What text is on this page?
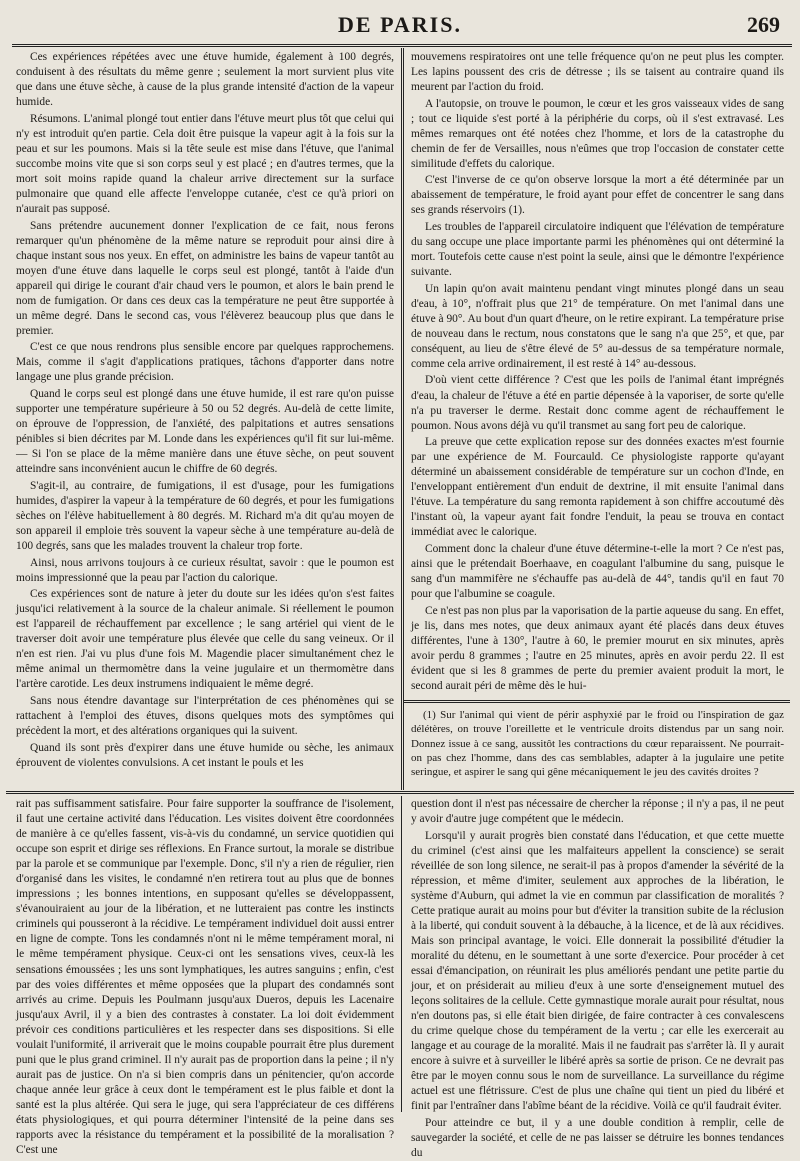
DE PARIS.	269

Ces expériences répétées avec une étuve humide, également à 100 degrés, conduisent à des résultats du même genre ; seulement la mort survient plus vite que dans une étuve sèche, à cause de la plus grande intensité d'action de la vapeur humide.

Résumons. L'animal plongé tout entier dans l'étuve meurt plus tôt que celui qui n'y est introduit qu'en partie. Cela doit être puisque la vapeur agit à la fois sur la peau et sur les poumons. Mais si la tête seule est mise dans l'étuve, que l'animal succombe moins vite que si son corps seul y est placé ; en d'autres termes, que la mort soit moins rapide quand la chaleur arrive directement sur la surface pulmonaire que quand elle affecte l'enveloppe cutanée, c'est ce qu'à priori on n'aurait pas supposé.

Sans prétendre aucunement donner l'explication de ce fait, nous ferons remarquer qu'un phénomène de la même nature se reproduit pour ainsi dire à chaque instant sous nos yeux. En effet, on administre les bains de vapeur tantôt au moyen d'une étuve dans laquelle le corps seul est plongé, tantôt à l'aide d'un appareil qui dirige le courant d'air chaud vers le poumon, et alors le bain prend le nom de fumigation. Or dans ces deux cas la température ne peut être supportée à un même degré. Dans le second cas, vous l'élèverez beaucoup plus que dans le premier.

C'est ce que nous rendrons plus sensible encore par quelques rapprochemens. Mais, comme il s'agit d'applications pratiques, tâchons d'apporter dans notre langage une plus grande précision.

Quand le corps seul est plongé dans une étuve humide, il est rare qu'on puisse supporter une température supérieure à 50 ou 52 degrés. Au-delà de cette limite, on éprouve de l'oppression, de l'anxiété, des palpitations et autres sensations pénibles si bien décrites par M. Londe dans les expériences qu'il fit sur lui-même. — Si l'on se place de la même manière dans une étuve sèche, on peut souvent atteindre sans inconvénient aucun le chiffre de 60 degrés.

S'agit-il, au contraire, de fumigations, il est d'usage, pour les fumigations humides, d'aspirer la vapeur à la température de 60 degrés, et pour les fumigations sèches on l'élève habituellement à 80 degrés. M. Richard m'a dit qu'au moyen de son appareil il emploie très souvent la vapeur sèche à une température au-delà de 100 degrés, sans que les malades trouvent la chaleur trop forte.

Ainsi, nous arrivons toujours à ce curieux résultat, savoir : que le poumon est moins impressionné que la peau par l'action du calorique.

Ces expériences sont de nature à jeter du doute sur les idées qu'on s'est faites jusqu'ici relativement à la source de la chaleur animale. Si réellement le poumon est l'appareil de réchauffement par excellence ; le sang artériel qui vient de le traverser doit avoir une température plus élevée que celle du sang veineux. Or il n'en est rien. J'ai vu plus d'une fois M. Magendie placer simultanément chez le même animal un thermomètre dans la veine jugulaire et un thermomètre dans l'artère carotide. Les deux instrumens indiquaient le même degré.

Sans nous étendre davantage sur l'interprétation de ces phénomènes qui se rattachent à l'emploi des étuves, disons quelques mots des symptômes qui précèdent la mort, et des altérations organiques qui la suivent.

Quand ils sont près d'expirer dans une étuve humide ou sèche, les animaux éprouvent de violentes convulsions. A cet instant le pouls et les

mouvemens respiratoires ont une telle fréquence qu'on ne peut plus les compter. Les lapins poussent des cris de détresse ; ils se taisent au contraire quand ils meurent par l'action du froid.

A l'autopsie, on trouve le poumon, le cœur et les gros vaisseaux vides de sang ; tout ce liquide s'est porté à la périphérie du corps, où il s'est extravasé. Les mêmes remarques ont été notées chez l'homme, et lors de la catastrophe du chemin de fer de Versailles, nous n'eûmes que trop l'occasion de constater cette similitude d'effets du calorique.

C'est l'inverse de ce qu'on observe lorsque la mort a été déterminée par un abaissement de température, le froid ayant pour effet de concentrer le sang dans ses grands réservoirs (1).

Les troubles de l'appareil circulatoire indiquent que l'élévation de température du sang occupe une place importante parmi les phénomènes qui ont déterminé la mort. Toutefois cette cause n'est point la seule, ainsi que le démontre l'expérience suivante.

Un lapin qu'on avait maintenu pendant vingt minutes plongé dans un seau d'eau, à 10°, n'offrait plus que 21° de température. On met l'animal dans une étuve à 90°. Au bout d'un quart d'heure, on le retire expirant. La température prise de nouveau dans le rectum, nous constatons que le sang n'a que 25°, et que, par conséquent, au lieu de s'être élevé de 5° au-dessus de sa température normale, comme cela arrive ordinairement, il est resté à 14° au-dessous.

D'où vient cette différence ? C'est que les poils de l'animal étant imprégnés d'eau, la chaleur de l'étuve a été en partie dépensée à la vaporiser, de sorte qu'elle n'a pu traverser le derme. Restait donc comme agent de réchauffement le poumon. Nous avons déjà vu qu'il transmet au sang fort peu de calorique.

La preuve que cette explication repose sur des données exactes m'est fournie par une expérience de M. Fourcauld. Ce physiologiste rapporte qu'ayant déterminé un abaissement considérable de température sur un cochon d'Inde, en l'enveloppant entièrement d'un enduit de dextrine, il mit ensuite l'animal dans l'étuve. La température du sang remonta rapidement à son chiffre accoutumé dès l'instant où, la vapeur ayant fait fondre l'enduit, la peau se trouva en contact immédiat avec le calorique.

Comment donc la chaleur d'une étuve détermine-t-elle la mort ? Ce n'est pas, ainsi que le prétendait Boerhaave, en coagulant l'albumine du sang, puisque le sang d'un mammifère ne s'échauffe pas au-delà de 44°, tandis qu'il en faut 70 pour que l'albumine se coagule.

Ce n'est pas non plus par la vaporisation de la partie aqueuse du sang. En effet, je lis, dans mes notes, que deux animaux ayant été placés dans deux étuves différentes, l'une à 130°, l'autre à 60, le premier mourut en six minutes, après avoir perdu 8 grammes ; l'autre en 25 minutes, après en avoir perdu 22. Il est évident que si les 8 grammes de perte du premier avaient produit la mort, le second aurait péri de même dès le hui-

(1) Sur l'animal qui vient de périr asphyxié par le froid ou l'inspiration de gaz délétères, on trouve l'oreillette et le ventricule droits distendus par un sang noir. Donnez issue à ce sang, aussitôt les contractions du cœur reparaissent. Ne pourrait-on pas chez l'homme, dans des cas semblables, adapter à la jugulaire une petite seringue, et aspirer le sang qui gêne mécaniquement le jeu des cavités droites ?

rait pas suffisamment satisfaire. Pour faire supporter la souffrance de l'isolement, il faut une certaine activité dans l'éducation. Les visites doivent être coordonnées de manière à ce qu'elles fassent, vis-à-vis du condamné, un service quotidien qui occupe son esprit et dirige ses réflexions. En France surtout, la morale se distribue par la parole et se communique par l'exemple. Donc, s'il n'y a rien de régulier, rien d'organisé dans les visites, le condamné n'en retirera tout au plus que de bonnes impressions ; les bonnes intentions, en supposant qu'elles se développassent, s'évanouiraient au jour de la libération, et ne lutteraient pas contre les instincts criminels qui pousseront à la récidive. Le tempérament individuel doit aussi entrer en ligne de compte. Tons les condamnés n'ont ni le même tempérament moral, ni le même tempérament physique. Ceux-ci ont les sensations vives, ceux-là les sensations émoussées ; les uns sont lymphatiques, les autres sanguins ; enfin, c'est par des voies différentes et même opposées que la plupart des condamnés sont arrivés au crime. Depuis les Poulmann jusqu'aux Dueros, depuis les Lacenaire jusqu'aux Avril, il y a bien des contrastes à constater. La loi doit évidemment prévoir ces conditions particulières et les respecter dans ses dispositions. Si elle voulait l'uniformité, il arriverait que le moins coupable pourrait être plus durement puni que le plus grand criminel. Il n'y aurait pas de proportion dans la peine ; il n'y aurait pas de justice. On n'a si bien compris dans un pénitencier, qu'on accorde chaque année leur grâce à ceux dont le tempérament est le plus faible et dont la santé est la plus altérée. Qui sera le juge, qui sera l'appréciateur de ces différens états physiologiques, et qui pourra déterminer l'intensité de la peine dans ses rapports avec la résistance du tempérament et la possibilité de la moralisation ? C'est une

question dont il n'est pas nécessaire de chercher la réponse ; il n'y a pas, il ne peut y avoir d'autre juge compétent que le médecin.

Lorsqu'il y aurait progrès bien constaté dans l'éducation, et que cette muette du criminel (c'est ainsi que les malfaiteurs appellent la conscience) se serait réveillée de son long silence, ne serait-il pas à propos d'amender la sévérité de la répression, et même d'imiter, seulement aux approches de la libération, le système d'Auburn, qui admet la vie en commun par classification de moralités ? Cette pratique aurait au moins pour but d'éviter la transition subite de la réclusion à la liberté, qui conduit souvent à la débauche, à la licence, et de là aux récidives. Mais son principal avantage, le voici. Elle donnerait la possibilité d'étudier la moralité du détenu, en le soumettant à une sorte d'exercice. Pour procéder à cet essai d'émancipation, on réunirait les plus améliorés pendant une petite partie du jour, et on présiderait au milieu d'eux à une sorte d'enseignement mutuel des leçons solitaires de la cellule. Cette gymnastique morale aurait pour résultat, nous n'en doutons pas, si elle était bien dirigée, de faire contracter à ces convalescens du crime quelque chose du tempérament de la vertu ; car elle les exercerait au langage et au courage de la moralité. Mais il ne faudrait pas s'arrêter là. Il y aurait encore à suivre et à surveiller le libéré après sa sortie de prison. Ce ne devrait pas être par le moyen connu sous le nom de surveillance. La surveillance du régime actuel est une flétrissure. C'est de plus une chaîne qui tient un pied du libéré et finit par l'entraîner dans l'abîme béant de la récidive. Voilà ce qu'il faudrait éviter.

Pour atteindre ce but, il y a une double condition à remplir, celle de sauvegarder la société, et celle de ne pas laisser se détruire les bonnes tendances du
